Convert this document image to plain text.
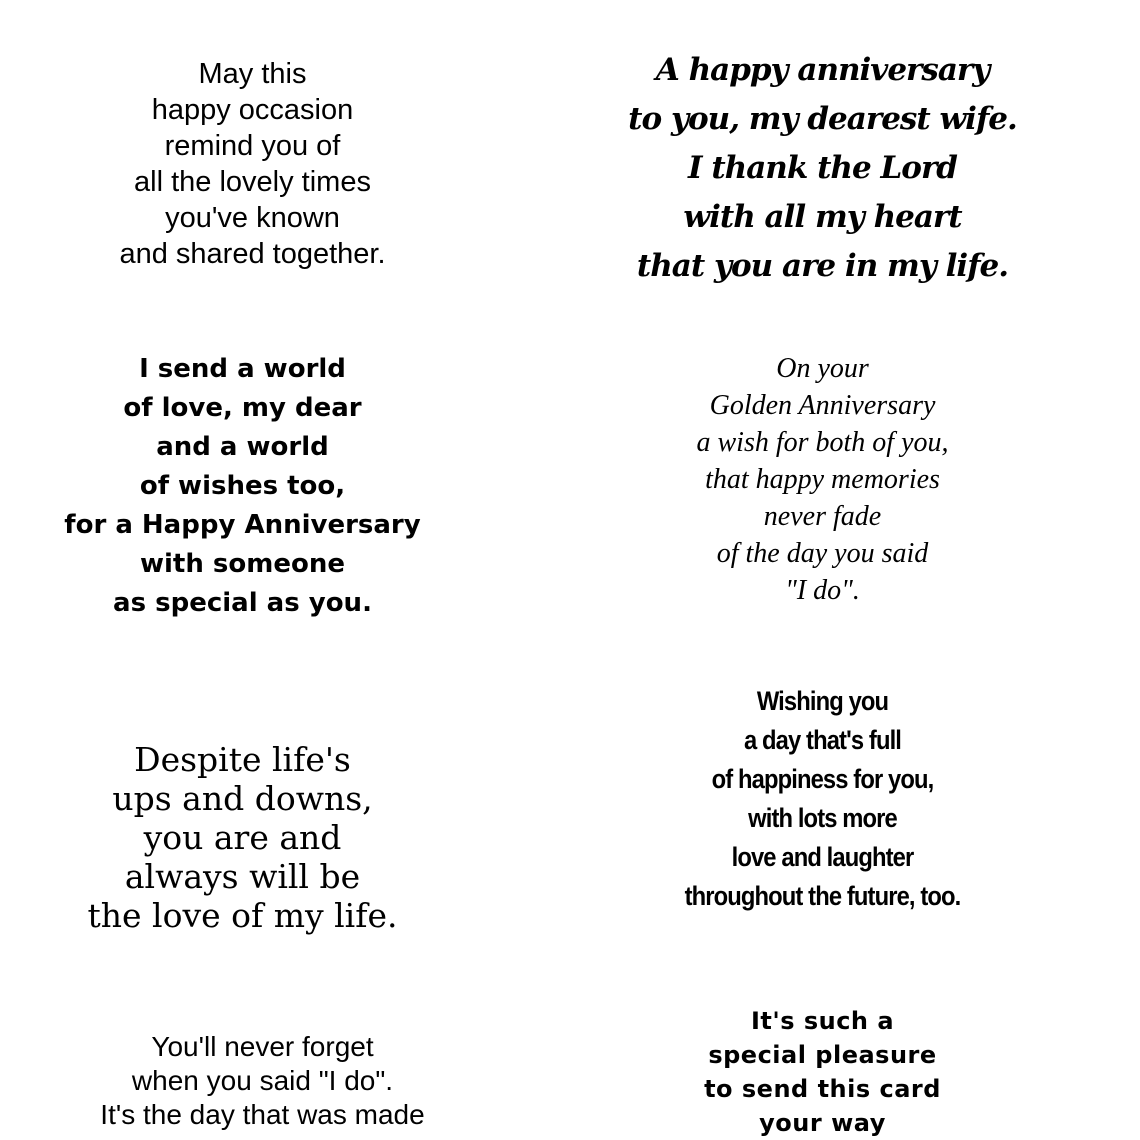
May this
happy occasion
remind you of
all the lovely times
you've known
and shared together.
A happy anniversary
to you, my dearest wife.
I thank the Lord
with all my heart
that you are in my life.
I send a world
of love, my dear
and a world
of wishes too,
for a Happy Anniversary
with someone
as special as you.
On your
Golden Anniversary
a wish for both of you,
that happy memories
never fade
of the day you said
"I do".
Despite life's
ups and downs,
you are and
always will be
the love of my life.
Wishing you
a day that's full
of happiness for you,
with lots more
love and laughter
throughout the future, too.
You'll never forget
when you said "I do".
It's the day that was made
It's such a
special pleasure
to send this card
your way
